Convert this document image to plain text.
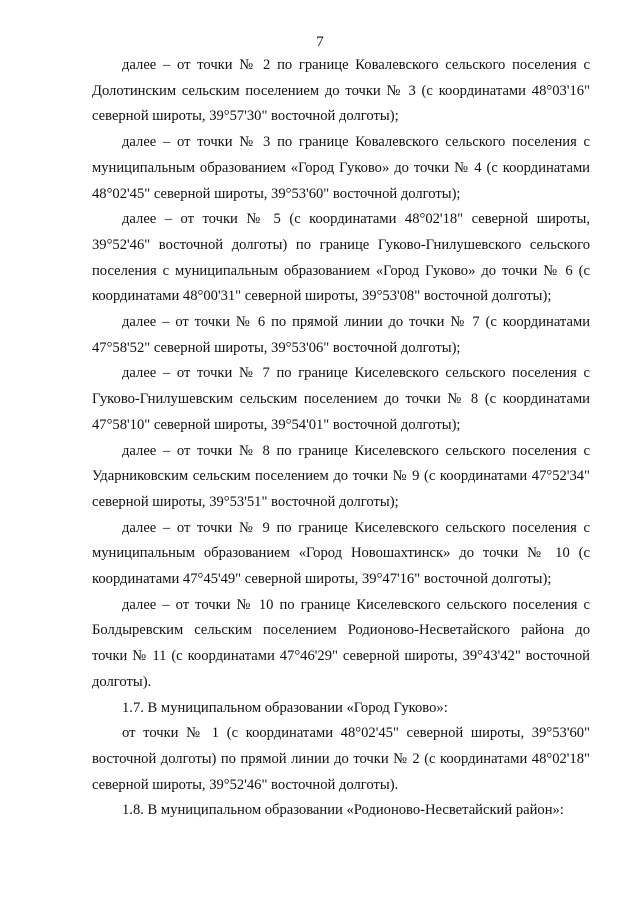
7

далее – от точки № 2 по границе Ковалевского сельского поселения с Долотинским сельским поселением до точки № 3 (с координатами 48°03'16" северной широты, 39°57'30" восточной долготы);

далее – от точки № 3 по границе Ковалевского сельского поселения с муниципальным образованием «Город Гуково» до точки № 4 (с координатами 48°02'45" северной широты, 39°53'60" восточной долготы);

далее – от точки № 5 (с координатами 48°02'18" северной широты, 39°52'46" восточной долготы) по границе Гуково-Гнилушевского сельского поселения с муниципальным образованием «Город Гуково» до точки № 6 (с координатами 48°00'31" северной широты, 39°53'08" восточной долготы);

далее – от точки № 6 по прямой линии до точки № 7 (с координатами 47°58'52" северной широты, 39°53'06" восточной долготы);

далее – от точки № 7 по границе Киселевского сельского поселения с Гуково-Гнилушевским сельским поселением до точки № 8 (с координатами 47°58'10" северной широты, 39°54'01" восточной долготы);

далее – от точки № 8 по границе Киселевского сельского поселения с Ударниковским сельским поселением до точки № 9 (с координатами 47°52'34" северной широты, 39°53'51" восточной долготы);

далее – от точки № 9 по границе Киселевского сельского поселения с муниципальным образованием «Город Новошахтинск» до точки № 10 (с координатами 47°45'49" северной широты, 39°47'16" восточной долготы);

далее – от точки № 10 по границе Киселевского сельского поселения с Болдыревским сельским поселением Родионово-Несветайского района до точки № 11 (с координатами 47°46'29" северной широты, 39°43'42" восточной долготы).

1.7. В муниципальном образовании «Город Гуково»:

от точки № 1 (с координатами 48°02'45" северной широты, 39°53'60" восточной долготы) по прямой линии до точки № 2 (с координатами 48°02'18" северной широты, 39°52'46" восточной долготы).

1.8. В муниципальном образовании «Родионово-Несветайский район»:
